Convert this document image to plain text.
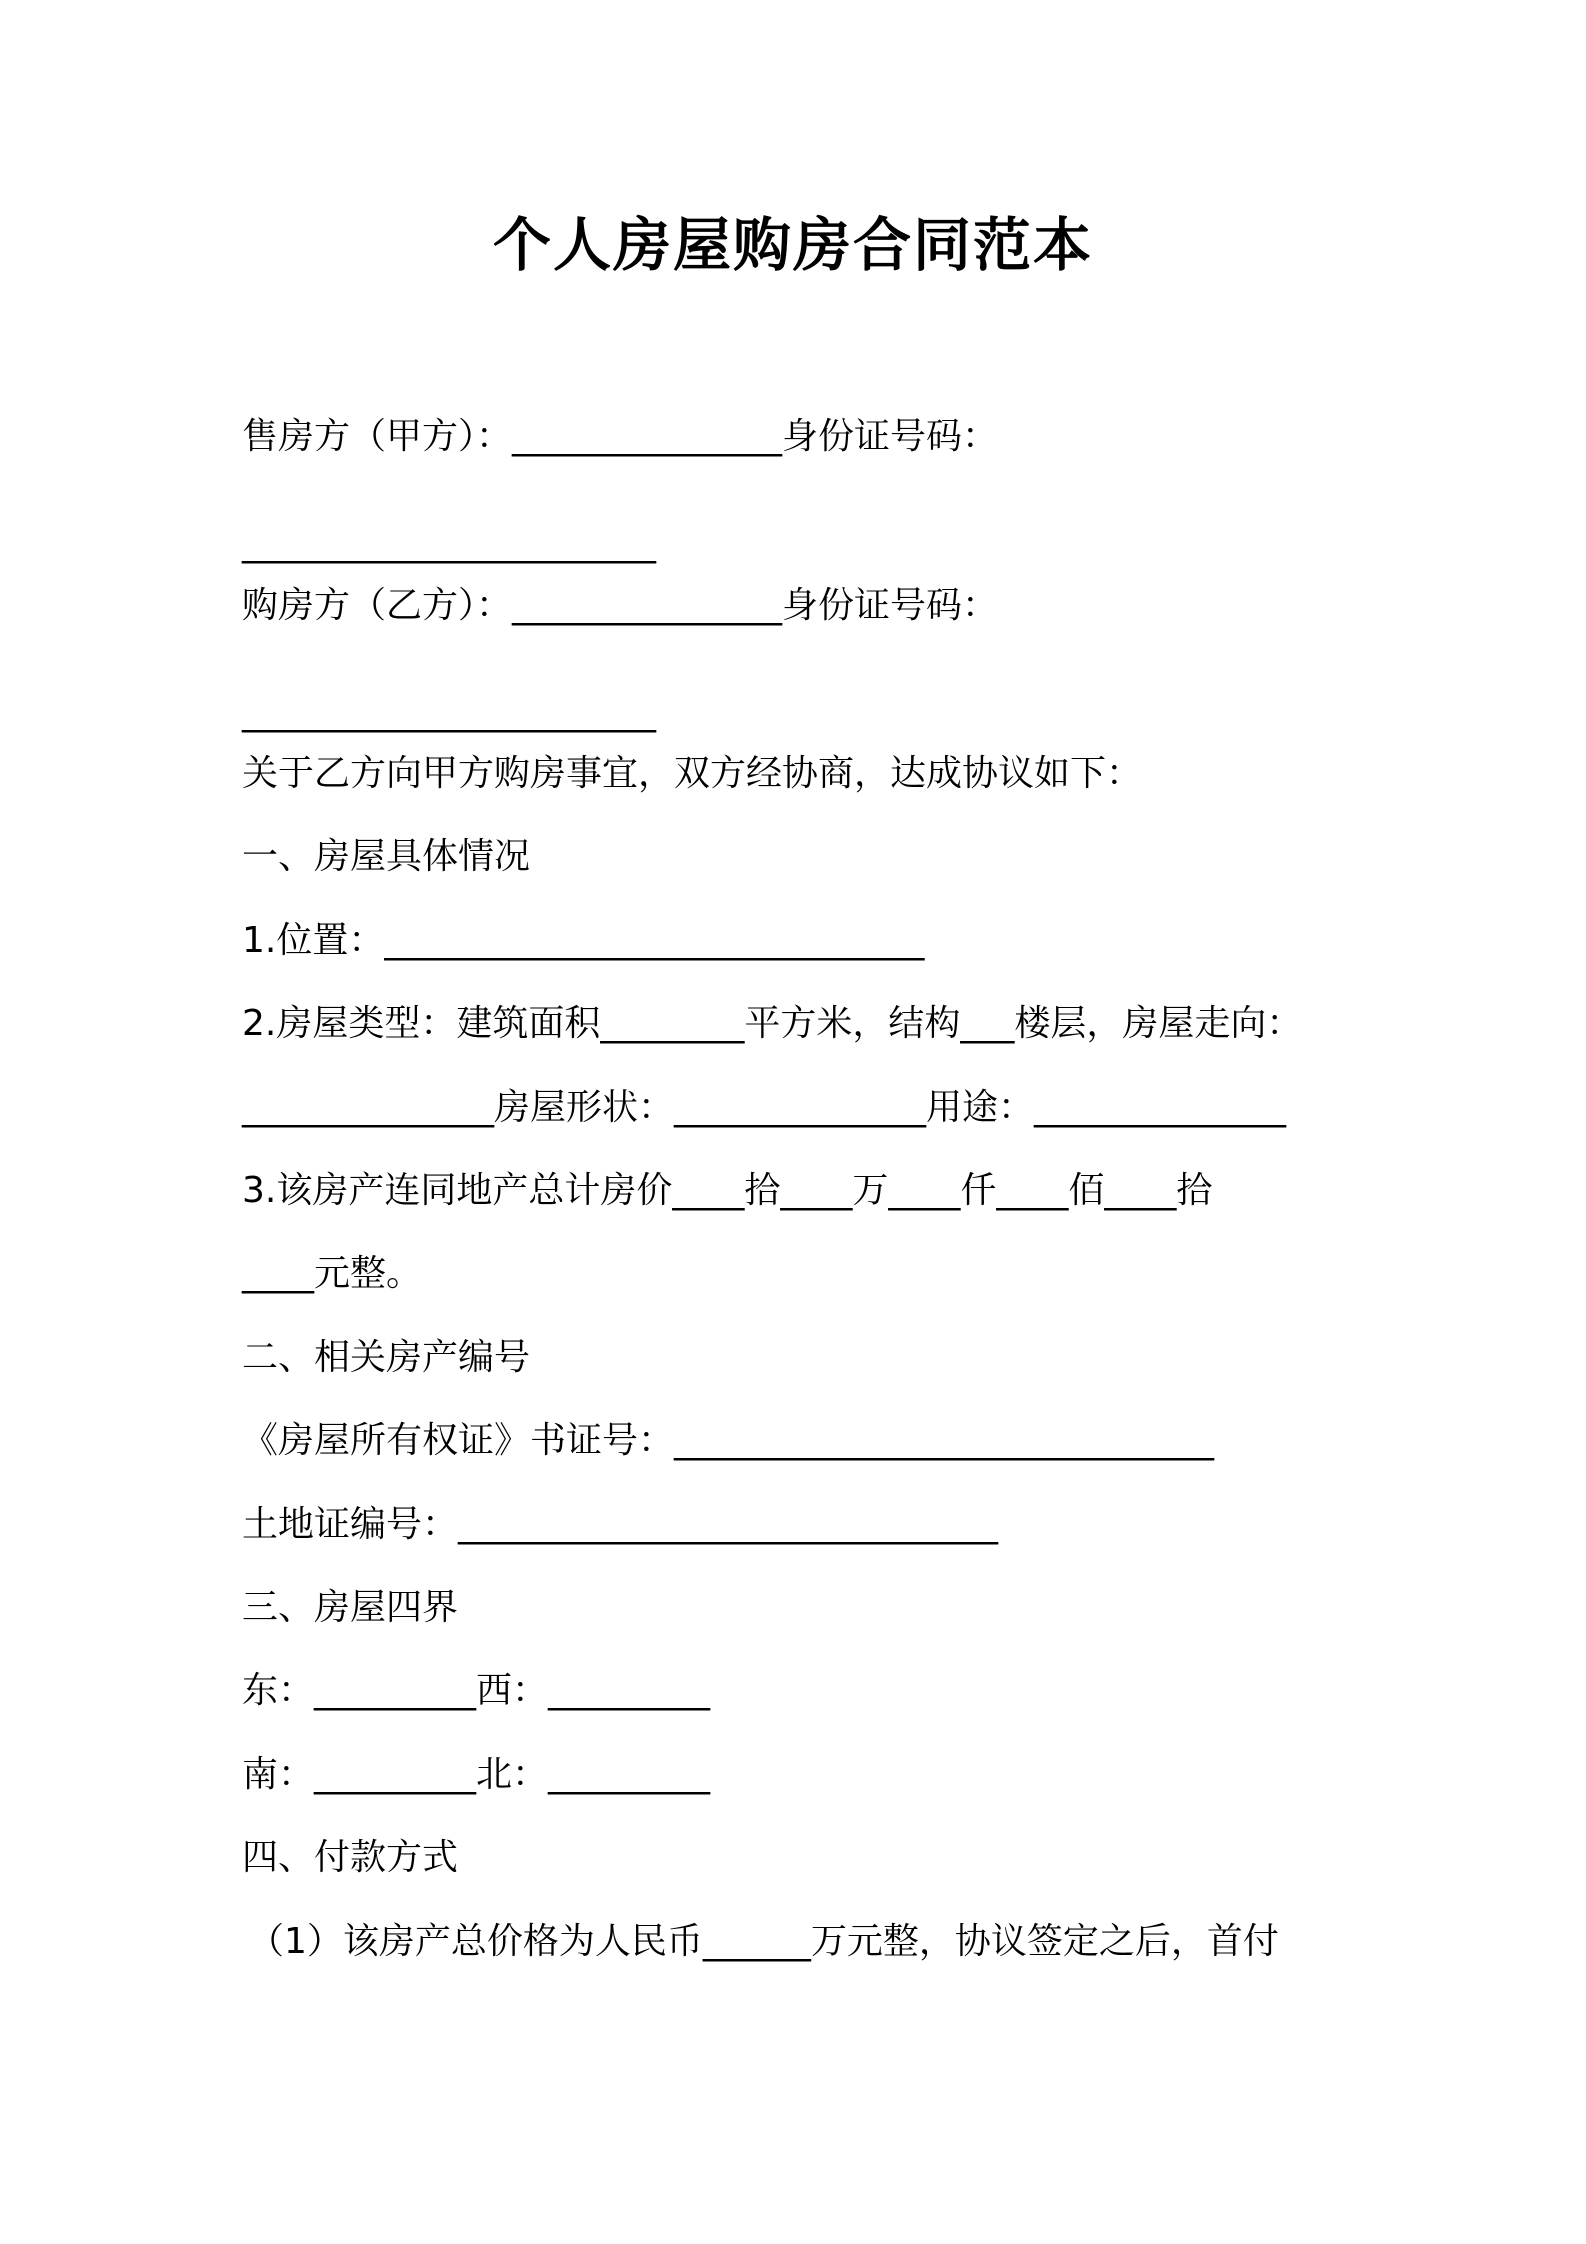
个人房屋购房合同范本
售房方（甲方）：_______________身份证号码：
_______________________
购房方（乙方）：_______________身份证号码：
_______________________
关于乙方向甲方购房事宜，双方经协商，达成协议如下：
一、房屋具体情况
1.位置：______________________________
2.房屋类型：建筑面积________平方米，结构___楼层，房屋走向：
______________房屋形状：______________用途：______________
3.该房产连同地产总计房价____拾____万____仟____佰____拾
____元整。
二、相关房产编号
《房屋所有权证》书证号：______________________________
土地证编号：______________________________
三、房屋四界
东：_________西：_________
南：_________北：_________
四、付款方式
（1）该房产总价格为人民币______万元整，协议签定之后，首付
